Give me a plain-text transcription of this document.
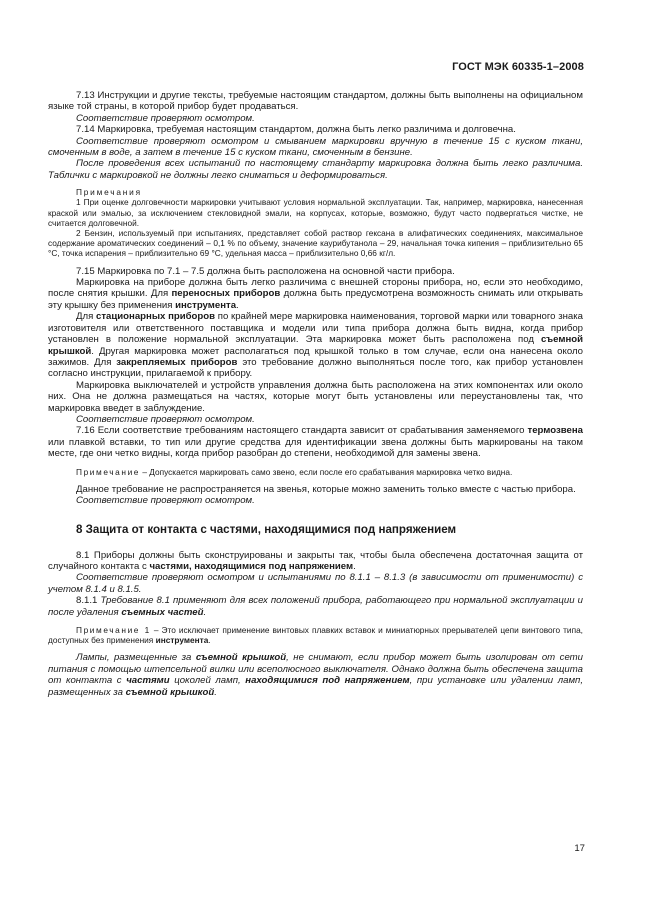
ГОСТ МЭК 60335-1–2008

7.13 Инструкции и другие тексты, требуемые настоящим стандартом, должны быть выполнены на официальном языке той страны, в которой прибор будет продаваться.

Соответствие проверяют осмотром.

7.14 Маркировка, требуемая настоящим стандартом, должна быть легко различима и долговечна.

Соответствие проверяют осмотром и смыванием маркировки вручную в течение 15 с куском ткани, смоченным в воде, а затем в течение 15 с куском ткани, смоченным в бензине.

После проведения всех испытаний по настоящему стандарту маркировка должна быть легко различима. Таблички с маркировкой не должны легко сниматься и деформироваться.

Примечания

1 При оценке долговечности маркировки учитывают условия нормальной эксплуатации. Так, например, маркировка, нанесенная краской или эмалью, за исключением стекловидной эмали, на корпусах, которые, возможно, будут часто подвергаться чистке, не считается долговечной.

2 Бензин, используемый при испытаниях, представляет собой раствор гексана в алифатических соединениях, максимальное содержание ароматических соединений – 0,1 % по объему, значение каурибутанола – 29, начальная точка кипения – приблизительно 65 °С, точка испарения – приблизительно 69 °С, удельная масса – приблизительно 0,66 кг/л.

7.15 Маркировка по 7.1 – 7.5 должна быть расположена на основной части прибора.

Маркировка на приборе должна быть легко различима с внешней стороны прибора, но, если это необходимо, после снятия крышки. Для переносных приборов должна быть предусмотрена возможность снимать или открывать эту крышку без применения инструмента.

Для стационарных приборов по крайней мере маркировка наименования, торговой марки или товарного знака изготовителя или ответственного поставщика и модели или типа прибора должна быть видна, когда прибор установлен в положение нормальной эксплуатации. Эта маркировка может быть расположена под съемной крышкой. Другая маркировка может располагаться под крышкой только в том случае, если она нанесена около зажимов. Для закрепляемых приборов это требование должно выполняться после того, как прибор установлен согласно инструкции, прилагаемой к прибору.

Маркировка выключателей и устройств управления должна быть расположена на этих компонентах или около них. Она не должна размещаться на частях, которые могут быть установлены или переустановлены так, что маркировка введет в заблуждение.

Соответствие проверяют осмотром.

7.16 Если соответствие требованиям настоящего стандарта зависит от срабатывания заменяемого термозвена или плавкой вставки, то тип или другие средства для идентификации звена должны быть маркированы на таком месте, где они четко видны, когда прибор разобран до степени, необходимой для замены звена.

Примечание – Допускается маркировать само звено, если после его срабатывания маркировка четко видна.

Данное требование не распространяется на звенья, которые можно заменить только вместе с частью прибора.

Соответствие проверяют осмотром.

8 Защита от контакта с частями, находящимися под напряжением

8.1 Приборы должны быть сконструированы и закрыты так, чтобы была обеспечена достаточная защита от случайного контакта с частями, находящимися под напряжением.

Соответствие проверяют осмотром и испытаниями по 8.1.1 – 8.1.3 (в зависимости от применимости) с учетом 8.1.4 и 8.1.5.

8.1.1 Требование 8.1 применяют для всех положений прибора, работающего при нормальной эксплуатации и после удаления съемных частей.

Примечание 1 – Это исключает применение винтовых плавких вставок и миниатюрных прерывателей цепи винтового типа, доступных без применения инструмента.

Лампы, размещенные за съемной крышкой, не снимают, если прибор может быть изолирован от сети питания с помощью штепсельной вилки или всеполюсного выключателя. Однако должна быть обеспечена защита от контакта с частями цоколей ламп, находящимися под напряжением, при установке или удалении ламп, размещенных за съемной крышкой.

17
